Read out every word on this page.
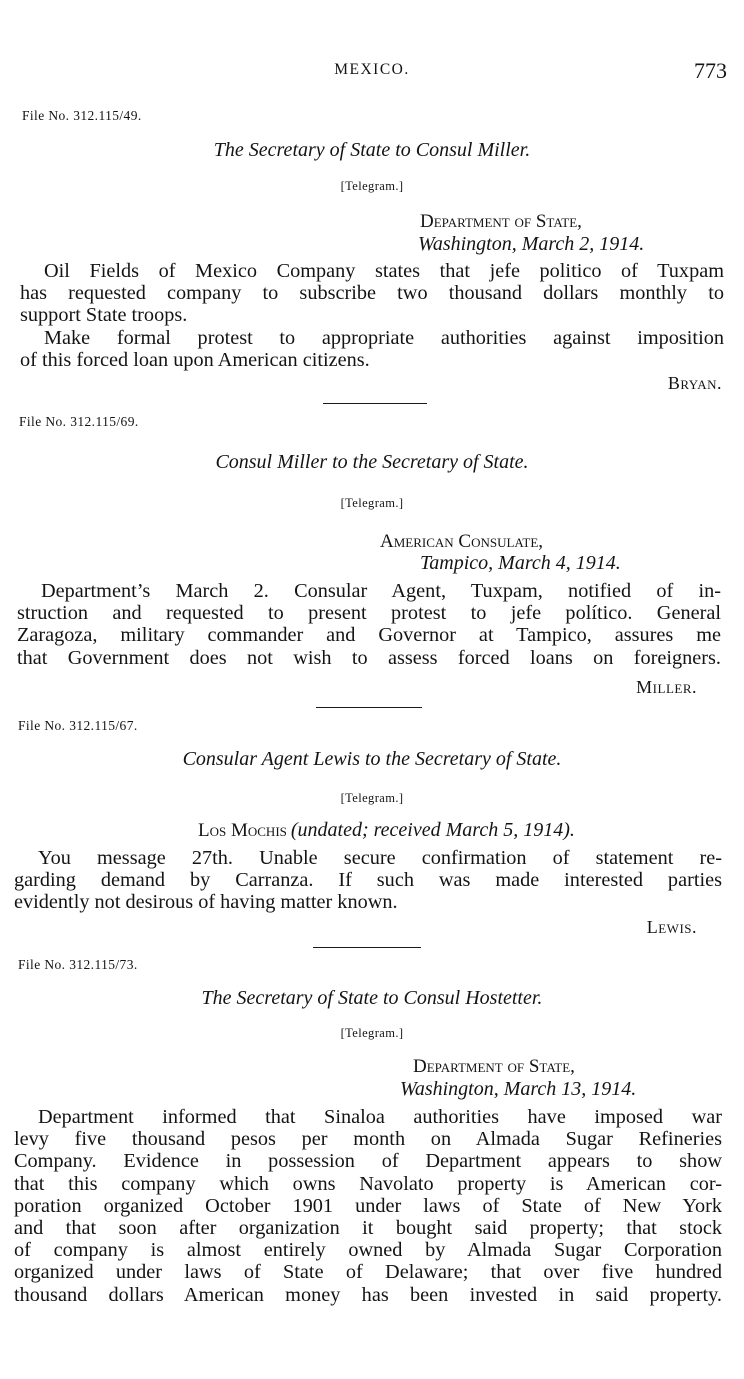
MEXICO.	773
File No. 312.115/49.
The Secretary of State to Consul Miller.
[Telegram.]
Department of State,
Washington, March 2, 1914.
Oil Fields of Mexico Company states that jefe politico of Tuxpam
has requested company to subscribe two thousand dollars monthly to
support State troops.
Make formal protest to appropriate authorities against imposition
of this forced loan upon American citizens.
Bryan.
File No. 312.115/69.
Consul Miller to the Secretary of State.
[Telegram.]
American Consulate,
Tampico, March 4, 1914.
Department’s March 2. Consular Agent, Tuxpam, notified of in-
struction and requested to present protest to jefe político. General
Zaragoza, military commander and Governor at Tampico, assures me
that Government does not wish to assess forced loans on foreigners.
Miller.
File No. 312.115/67.
Consular Agent Lewis to the Secretary of State.
[Telegram.]
Los Mochis (undated; received March 5, 1914).
You message 27th. Unable secure confirmation of statement re-
garding demand by Carranza. If such was made interested parties
evidently not desirous of having matter known.
Lewis.
File No. 312.115/73.
The Secretary of State to Consul Hostetter.
[Telegram.]
Department of State,
Washington, March 13, 1914.
Department informed that Sinaloa authorities have imposed war
levy five thousand pesos per month on Almada Sugar Refineries
Company. Evidence in possession of Department appears to show
that this company which owns Navolato property is American cor-
poration organized October 1901 under laws of State of New York
and that soon after organization it bought said property; that stock
of company is almost entirely owned by Almada Sugar Corporation
organized under laws of State of Delaware; that over five hundred
thousand dollars American money has been invested in said property.
